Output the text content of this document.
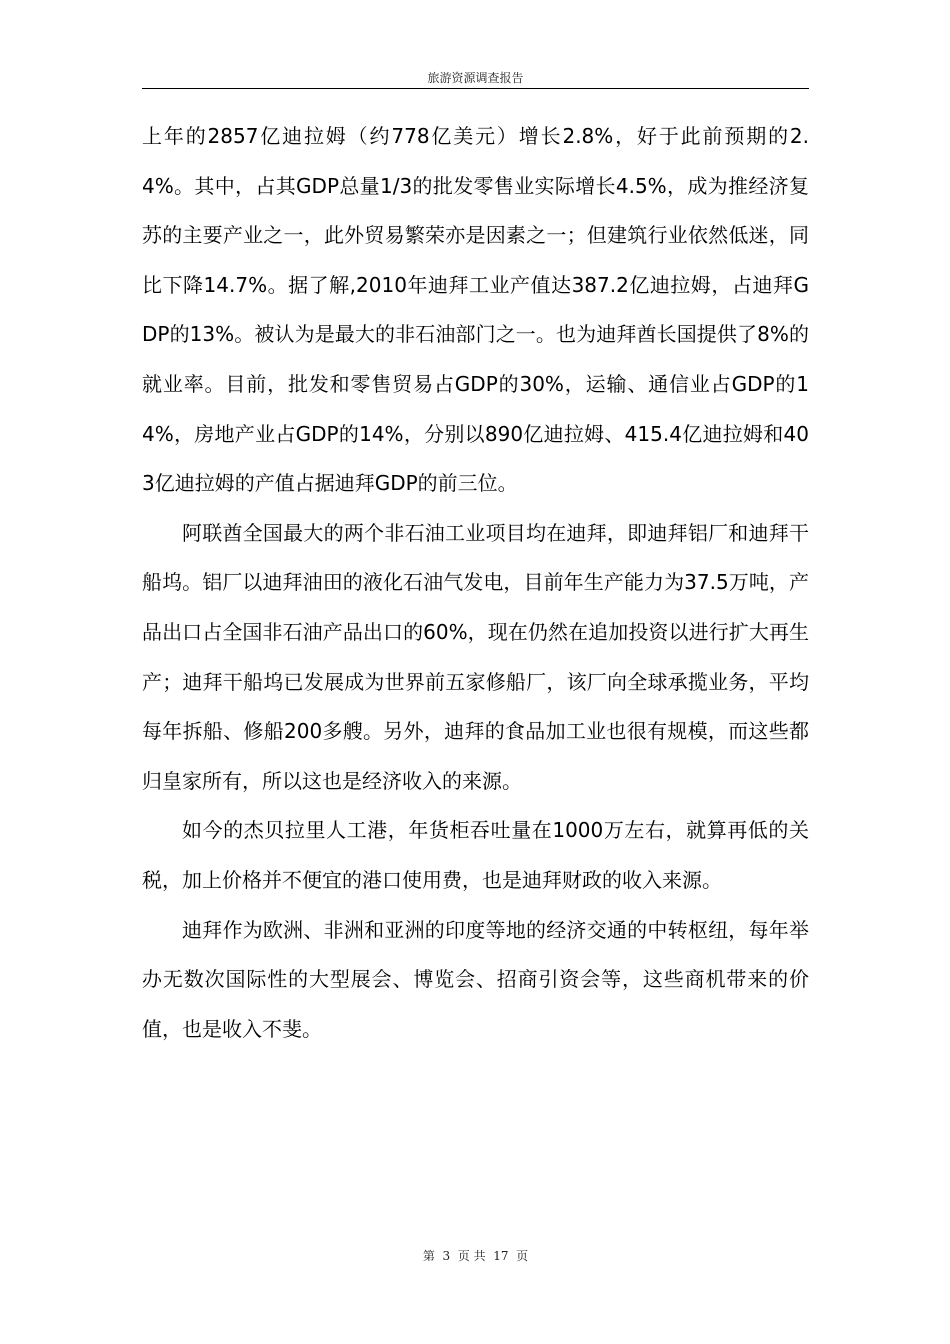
旅游资源调查报告

上年的2857亿迪拉姆（约778亿美元）增长2.8%，好于此前预期的2.4%。其中，占其GDP总量1/3的批发零售业实际增长4.5%，成为推经济复苏的主要产业之一，此外贸易繁荣亦是因素之一；但建筑行业依然低迷，同比下降14.7%。据了解,2010年迪拜工业产值达387.2亿迪拉姆，占迪拜GDP的13%。被认为是最大的非石油部门之一。也为迪拜酋长国提供了8%的就业率。目前，批发和零售贸易占GDP的30%，运输、通信业占GDP的14%，房地产业占GDP的14%，分别以890亿迪拉姆、415.4亿迪拉姆和403亿迪拉姆的产值占据迪拜GDP的前三位。

阿联酋全国最大的两个非石油工业项目均在迪拜，即迪拜铝厂和迪拜干船坞。铝厂以迪拜油田的液化石油气发电，目前年生产能力为37.5万吨，产品出口占全国非石油产品出口的60%，现在仍然在追加投资以进行扩大再生产；迪拜干船坞已发展成为世界前五家修船厂，该厂向全球承揽业务，平均每年拆船、修船200多艘。另外，迪拜的食品加工业也很有规模，而这些都归皇家所有，所以这也是经济收入的来源。

如今的杰贝拉里人工港，年货柜吞吐量在1000万左右，就算再低的关税，加上价格并不便宜的港口使用费，也是迪拜财政的收入来源。

迪拜作为欧洲、非洲和亚洲的印度等地的经济交通的中转枢纽，每年举办无数次国际性的大型展会、博览会、招商引资会等，这些商机带来的价值，也是收入不斐。

第  3  页 共  17  页
